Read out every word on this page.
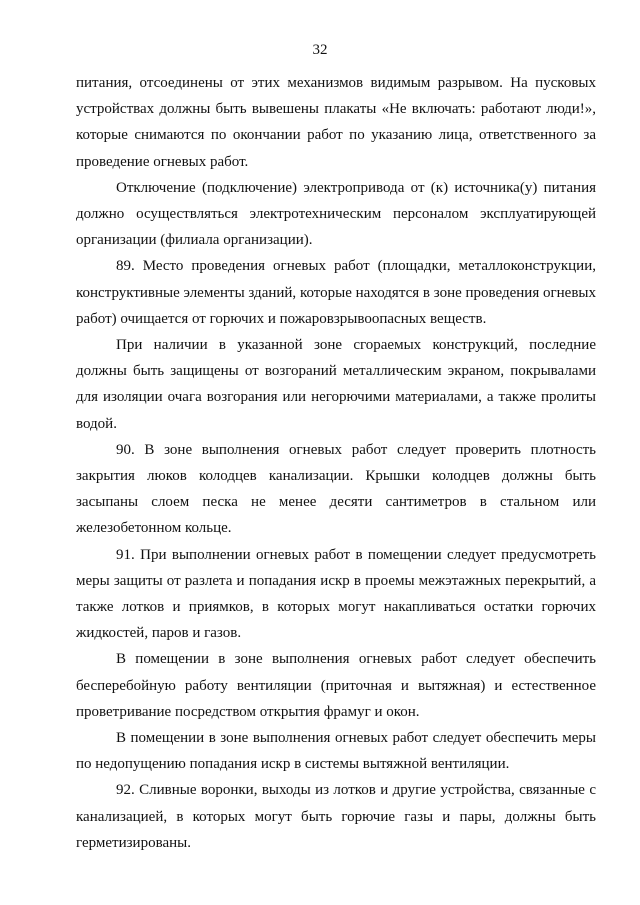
32

питания, отсоединены от этих механизмов видимым разрывом. На пусковых устройствах должны быть вывешены плакаты «Не включать: работают люди!», которые снимаются по окончании работ по указанию лица, ответственного за проведение огневых работ.

Отключение (подключение) электропривода от (к) источника(у) питания должно осуществляться электротехническим персоналом эксплуатирующей организации (филиала организации).

89. Место проведения огневых работ (площадки, металлоконструкции, конструктивные элементы зданий, которые находятся в зоне проведения огневых работ) очищается от горючих и пожаровзрывоопасных веществ.

При наличии в указанной зоне сгораемых конструкций, последние должны быть защищены от возгораний металлическим экраном, покрывалами для изоляции очага возгорания или негорючими материалами, а также пролиты водой.

90. В зоне выполнения огневых работ следует проверить плотность закрытия люков колодцев канализации. Крышки колодцев должны быть засыпаны слоем песка не менее десяти сантиметров в стальном или железобетонном кольце.

91. При выполнении огневых работ в помещении следует предусмотреть меры защиты от разлета и попадания искр в проемы межэтажных перекрытий, а также лотков и приямков, в которых могут накапливаться остатки горючих жидкостей, паров и газов.

В помещении в зоне выполнения огневых работ следует обеспечить бесперебойную работу вентиляции (приточная и вытяжная) и естественное проветривание посредством открытия фрамуг и окон.

В помещении в зоне выполнения огневых работ следует обеспечить меры по недопущению попадания искр в системы вытяжной вентиляции.

92. Сливные воронки, выходы из лотков и другие устройства, связанные с канализацией, в которых могут быть горючие газы и пары, должны быть герметизированы.
